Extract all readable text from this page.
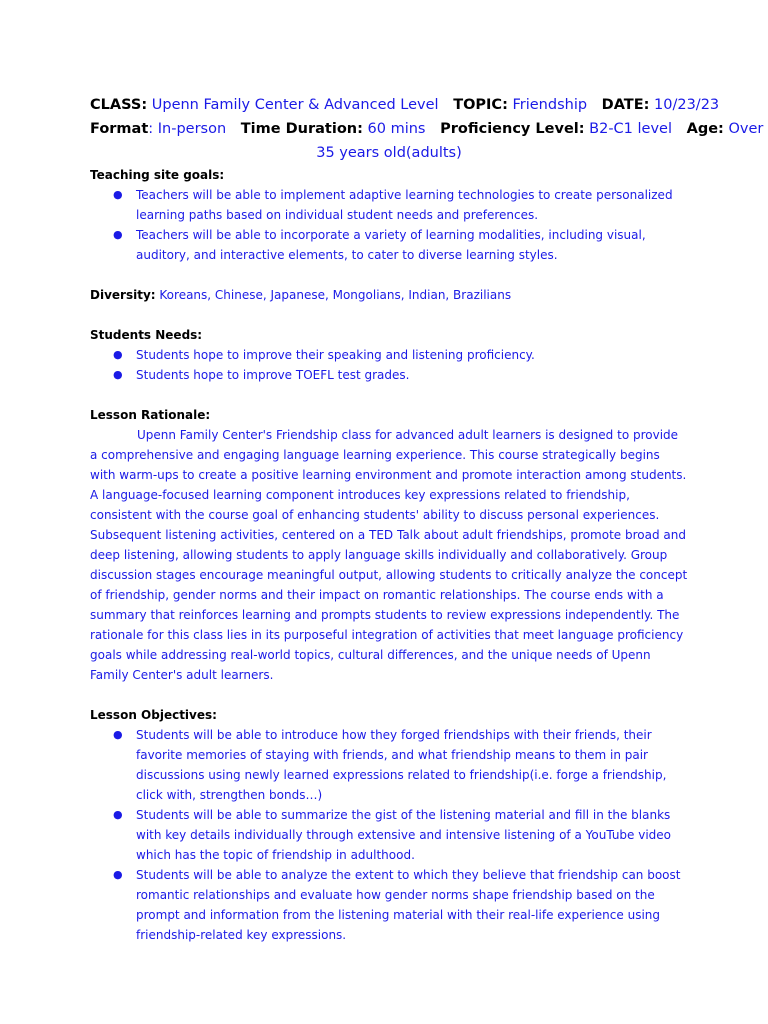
CLASS: Upenn Family Center & Advanced Level TOPIC: Friendship DATE: 10/23/23
Format: In-person Time Duration: 60 mins Proficiency Level: B2-C1 level Age: Over
35 years old(adults)
Teaching site goals:
● Teachers will be able to implement adaptive learning technologies to create personalized learning paths based on individual student needs and preferences.
● Teachers will be able to incorporate a variety of learning modalities, including visual, auditory, and interactive elements, to cater to diverse learning styles.
Diversity: Koreans, Chinese, Japanese, Mongolians, Indian, Brazilians
Students Needs:
● Students hope to improve their speaking and listening proficiency.
● Students hope to improve TOEFL test grades.
Lesson Rationale:

Upenn Family Center's Friendship class for advanced adult learners is designed to provide a comprehensive and engaging language learning experience. This course strategically begins with warm-ups to create a positive learning environment and promote interaction among students. A language-focused learning component introduces key expressions related to friendship, consistent with the course goal of enhancing students' ability to discuss personal experiences. Subsequent listening activities, centered on a TED Talk about adult friendships, promote broad and deep listening, allowing students to apply language skills individually and collaboratively. Group discussion stages encourage meaningful output, allowing students to critically analyze the concept of friendship, gender norms and their impact on romantic relationships. The course ends with a summary that reinforces learning and prompts students to review expressions independently. The rationale for this class lies in its purposeful integration of activities that meet language proficiency goals while addressing real-world topics, cultural differences, and the unique needs of Upenn Family Center's adult learners.

Lesson Objectives:
● Students will be able to introduce how they forged friendships with their friends, their favorite memories of staying with friends, and what friendship means to them in pair discussions using newly learned expressions related to friendship(i.e. forge a friendship, click with, strengthen bonds…)
● Students will be able to summarize the gist of the listening material and fill in the blanks with key details individually through extensive and intensive listening of a YouTube video which has the topic of friendship in adulthood.
● Students will be able to analyze the extent to which they believe that friendship can boost romantic relationships and evaluate how gender norms shape friendship based on the prompt and information from the listening material with their real-life experience using friendship-related key expressions.
